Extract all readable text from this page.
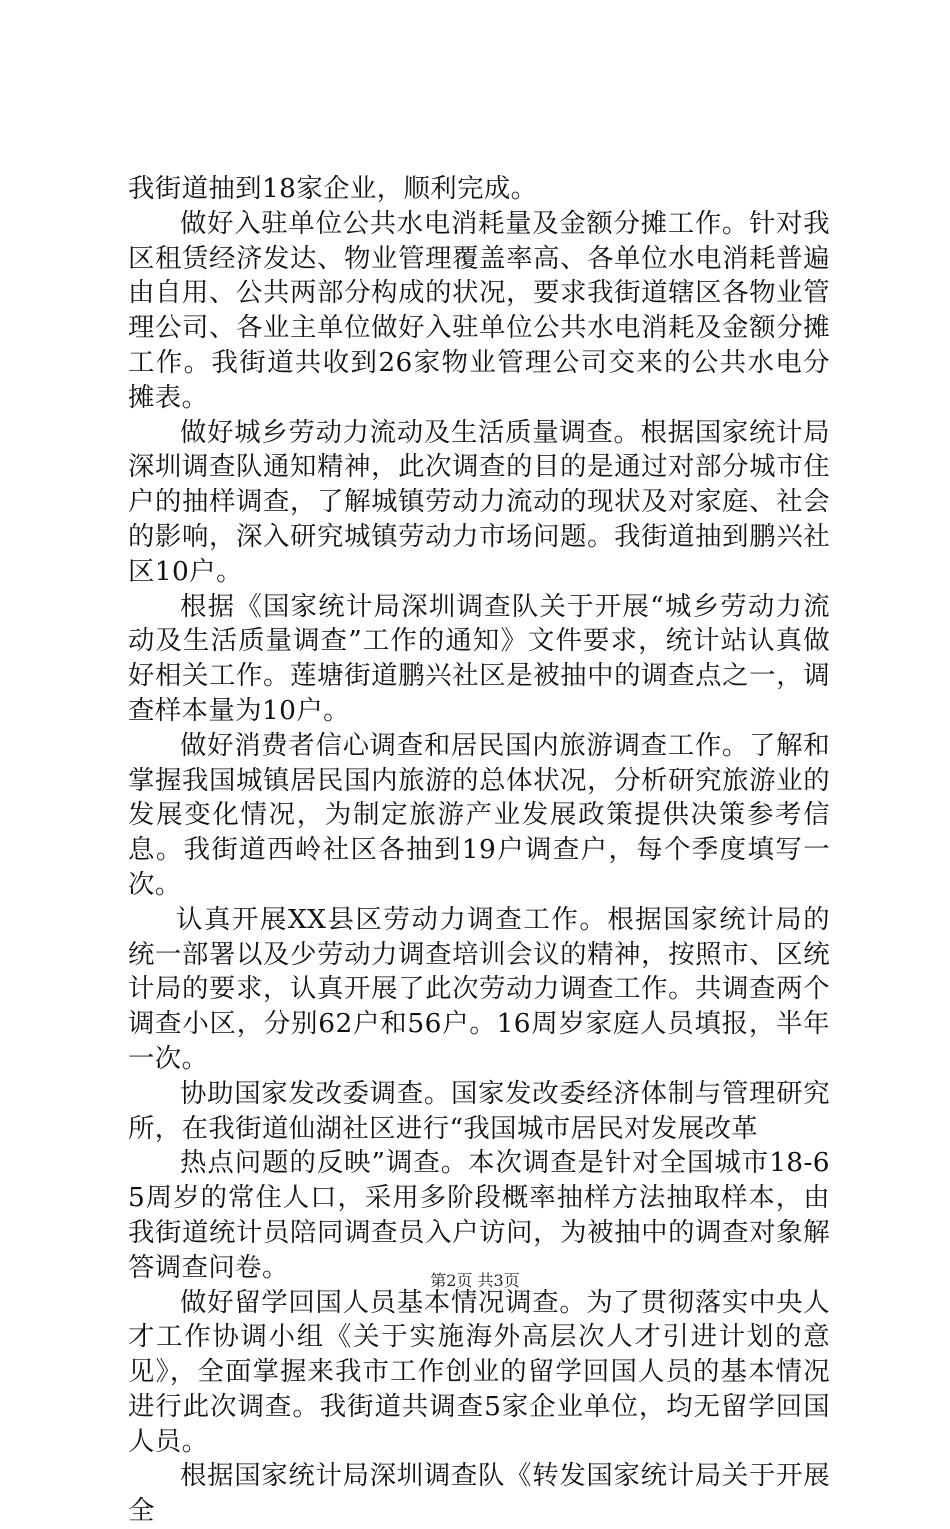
我街道抽到18家企业，顺利完成。

做好入驻单位公共水电消耗量及金额分摊工作。针对我区租赁经济发达、物业管理覆盖率高、各单位水电消耗普遍由自用、公共两部分构成的状况，要求我街道辖区各物业管理公司、各业主单位做好入驻单位公共水电消耗及金额分摊工作。我街道共收到26家物业管理公司交来的公共水电分摊表。

做好城乡劳动力流动及生活质量调查。根据国家统计局深圳调查队通知精神，此次调查的目的是通过对部分城市住户的抽样调查，了解城镇劳动力流动的现状及对家庭、社会的影响，深入研究城镇劳动力市场问题。我街道抽到鹏兴社区10户。

根据《国家统计局深圳调查队关于开展“城乡劳动力流动及生活质量调查”工作的通知》文件要求，统计站认真做好相关工作。莲塘街道鹏兴社区是被抽中的调查点之一，调查样本量为10户。

做好消费者信心调查和居民国内旅游调查工作。了解和掌握我国城镇居民国内旅游的总体状况，分析研究旅游业的发展变化情况，为制定旅游产业发展政策提供决策参考信息。我街道西岭社区各抽到19户调查户，每个季度填写一次。

认真开展XX县区劳动力调查工作。根据国家统计局的统一部署以及少劳动力调查培训会议的精神，按照市、区统计局的要求，认真开展了此次劳动力调查工作。共调查两个调查小区，分别62户和56户。16周岁家庭人员填报，半年一次。

协助国家发改委调查。国家发改委经济体制与管理研究所，在我街道仙湖社区进行“我国城市居民对发展改革

热点问题的反映”调查。本次调查是针对全国城市18-65周岁的常住人口，采用多阶段概率抽样方法抽取样本，由我街道统计员陪同调查员入户访问，为被抽中的调查对象解答调查问卷。

做好留学回国人员基本情况调查。为了贯彻落实中央人才工作协调小组《关于实施海外高层次人才引进计划的意见》，全面掌握来我市工作创业的留学回国人员的基本情况进行此次调查。我街道共调查5家企业单位，均无留学回国人员。

根据国家统计局深圳调查队《转发国家统计局关于开展全

第2页 共3页
